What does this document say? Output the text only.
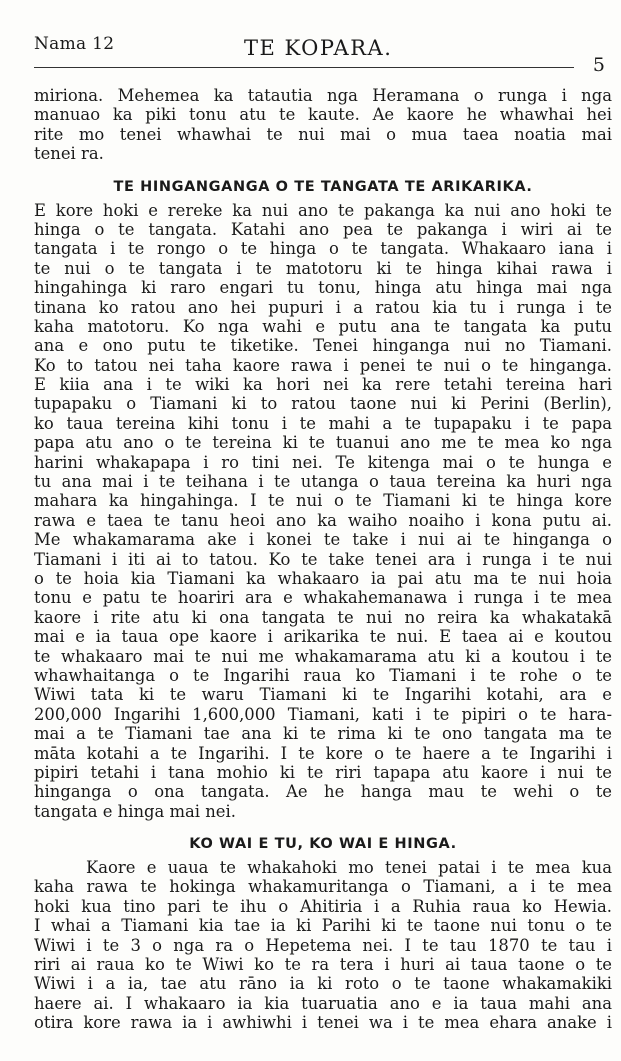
Nama 12	TE KOPARA.
5
miriona. Mehemea ka tatautia nga Heramana o runga i nga
manuao ka piki tonu atu te kaute. Ae kaore he whawhai hei
rite mo tenei whawhai te nui mai o mua taea noatia mai
tenei ra.
TE HINGANGANGA O TE TANGATA TE ARIKARIKA.
E kore hoki e rereke ka nui ano te pakanga ka nui ano hoki te
hinga o te tangata. Katahi ano pea te pakanga i wiri ai te
tangata i te rongo o te hinga o te tangata. Whakaaro iana i
te nui o te tangata i te matotoru ki te hinga kihai rawa i
hingahinga ki raro engari tu tonu, hinga atu hinga mai nga
tinana ko ratou ano hei pupuri i a ratou kia tu i runga i te
kaha matotoru. Ko nga wahi e putu ana te tangata ka putu
ana e ono putu te tiketike. Tenei hinganga nui no Tiamani.
Ko to tatou nei taha kaore rawa i penei te nui o te hinganga.
E kiia ana i te wiki ka hori nei ka rere tetahi tereina hari
tupapaku o Tiamani ki to ratou taone nui ki Perini (Berlin),
ko taua tereina kihi tonu i te mahi a te tupapaku i te papa
papa atu ano o te tereina ki te tuanui ano me te mea ko nga
harini whakapapa i ro tini nei. Te kitenga mai o te hunga e
tu ana mai i te teihana i te utanga o taua tereina ka huri nga
mahara ka hingahinga. I te nui o te Tiamani ki te hinga kore
rawa e taea te tanu heoi ano ka waiho noaiho i kona putu ai.
Me whakamarama ake i konei te take i nui ai te hinganga o
Tiamani i iti ai to tatou. Ko te take tenei ara i runga i te nui
o te hoia kia Tiamani ka whakaaro ia pai atu ma te nui hoia
tonu e patu te hoariri ara e whakahemanawa i runga i te mea
kaore i rite atu ki ona tangata te nui no reira ka whakatakā
mai e ia taua ope kaore i arikarika te nui. E taea ai e koutou
te whakaaro mai te nui me whakamarama atu ki a koutou i te
whawhaitanga o te Ingarihi raua ko Tiamani i te rohe o te
Wiwi tata ki te waru Tiamani ki te Ingarihi kotahi, ara e
200,000 Ingarihi 1,600,000 Tiamani, kati i te pipiri o te hara-
mai a te Tiamani tae ana ki te rima ki te ono tangata ma te
māta kotahi a te Ingarihi. I te kore o te haere a te Ingarihi i
pipiri tetahi i tana mohio ki te riri tapapa atu kaore i nui te
hinganga o ona tangata. Ae he hanga mau te wehi o te
tangata e hinga mai nei.
KO WAI E TU, KO WAI E HINGA.
Kaore e uaua te whakahoki mo tenei patai i te mea kua
kaha rawa te hokinga whakamuritanga o Tiamani, a i te mea
hoki kua tino pari te ihu o Ahitiria i a Ruhia raua ko Hewia.
I whai a Tiamani kia tae ia ki Parihi ki te taone nui tonu o te
Wiwi i te 3 o nga ra o Hepetema nei. I te tau 1870 te tau i
riri ai raua ko te Wiwi ko te ra tera i huri ai taua taone o te
Wiwi i a ia, tae atu rāno ia ki roto o te taone whakamakiki
haere ai. I whakaaro ia kia tuaruatia ano e ia taua mahi ana
otira kore rawa ia i awhiwhi i tenei wa i te mea ehara anake i
